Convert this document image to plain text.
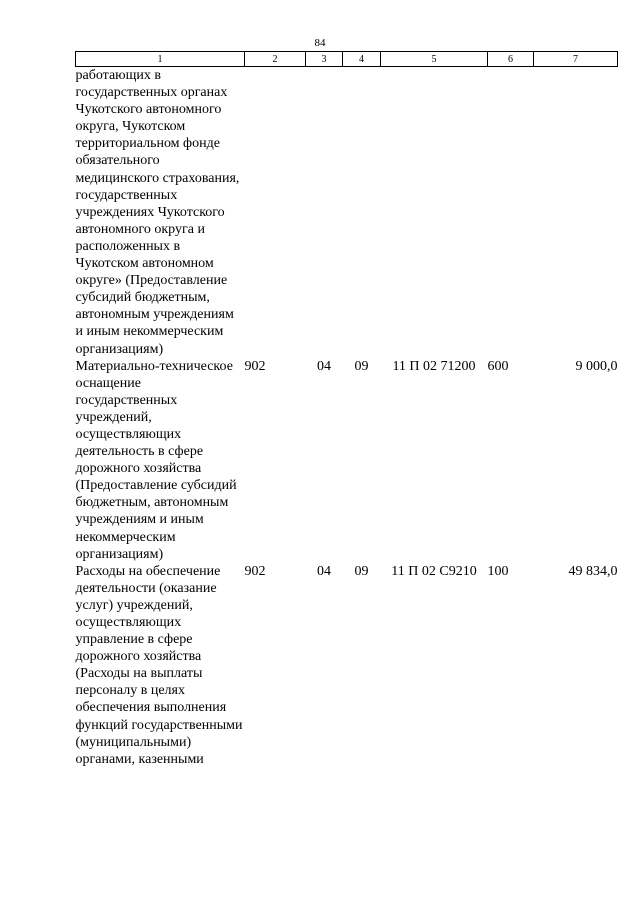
84
1	2	3	4	5	6	7
работающих в государственных органах Чукотского автономного округа, Чукотском территориальном фонде обязательного медицинского страхования, государственных учреждениях Чукотского автономного округа и расположенных в Чукотском автономном округе» (Предоставление субсидий бюджетным, автономным учреждениям и иным некоммерческим организациям)						
Материально-техническое оснащение государственных учреждений, осуществляющих деятельность в сфере дорожного хозяйства (Предоставление субсидий бюджетным, автономным учреждениям и иным некоммерческим организациям)	902	04	09	11 П 02 71200	600	9 000,0
Расходы на обеспечение деятельности (оказание услуг) учреждений, осуществляющих управление в сфере дорожного хозяйства (Расходы на выплаты персоналу в целях обеспечения выполнения функций государственными (муниципальными) органами, казенными	902	04	09	11 П 02 С9210	100	49 834,0
